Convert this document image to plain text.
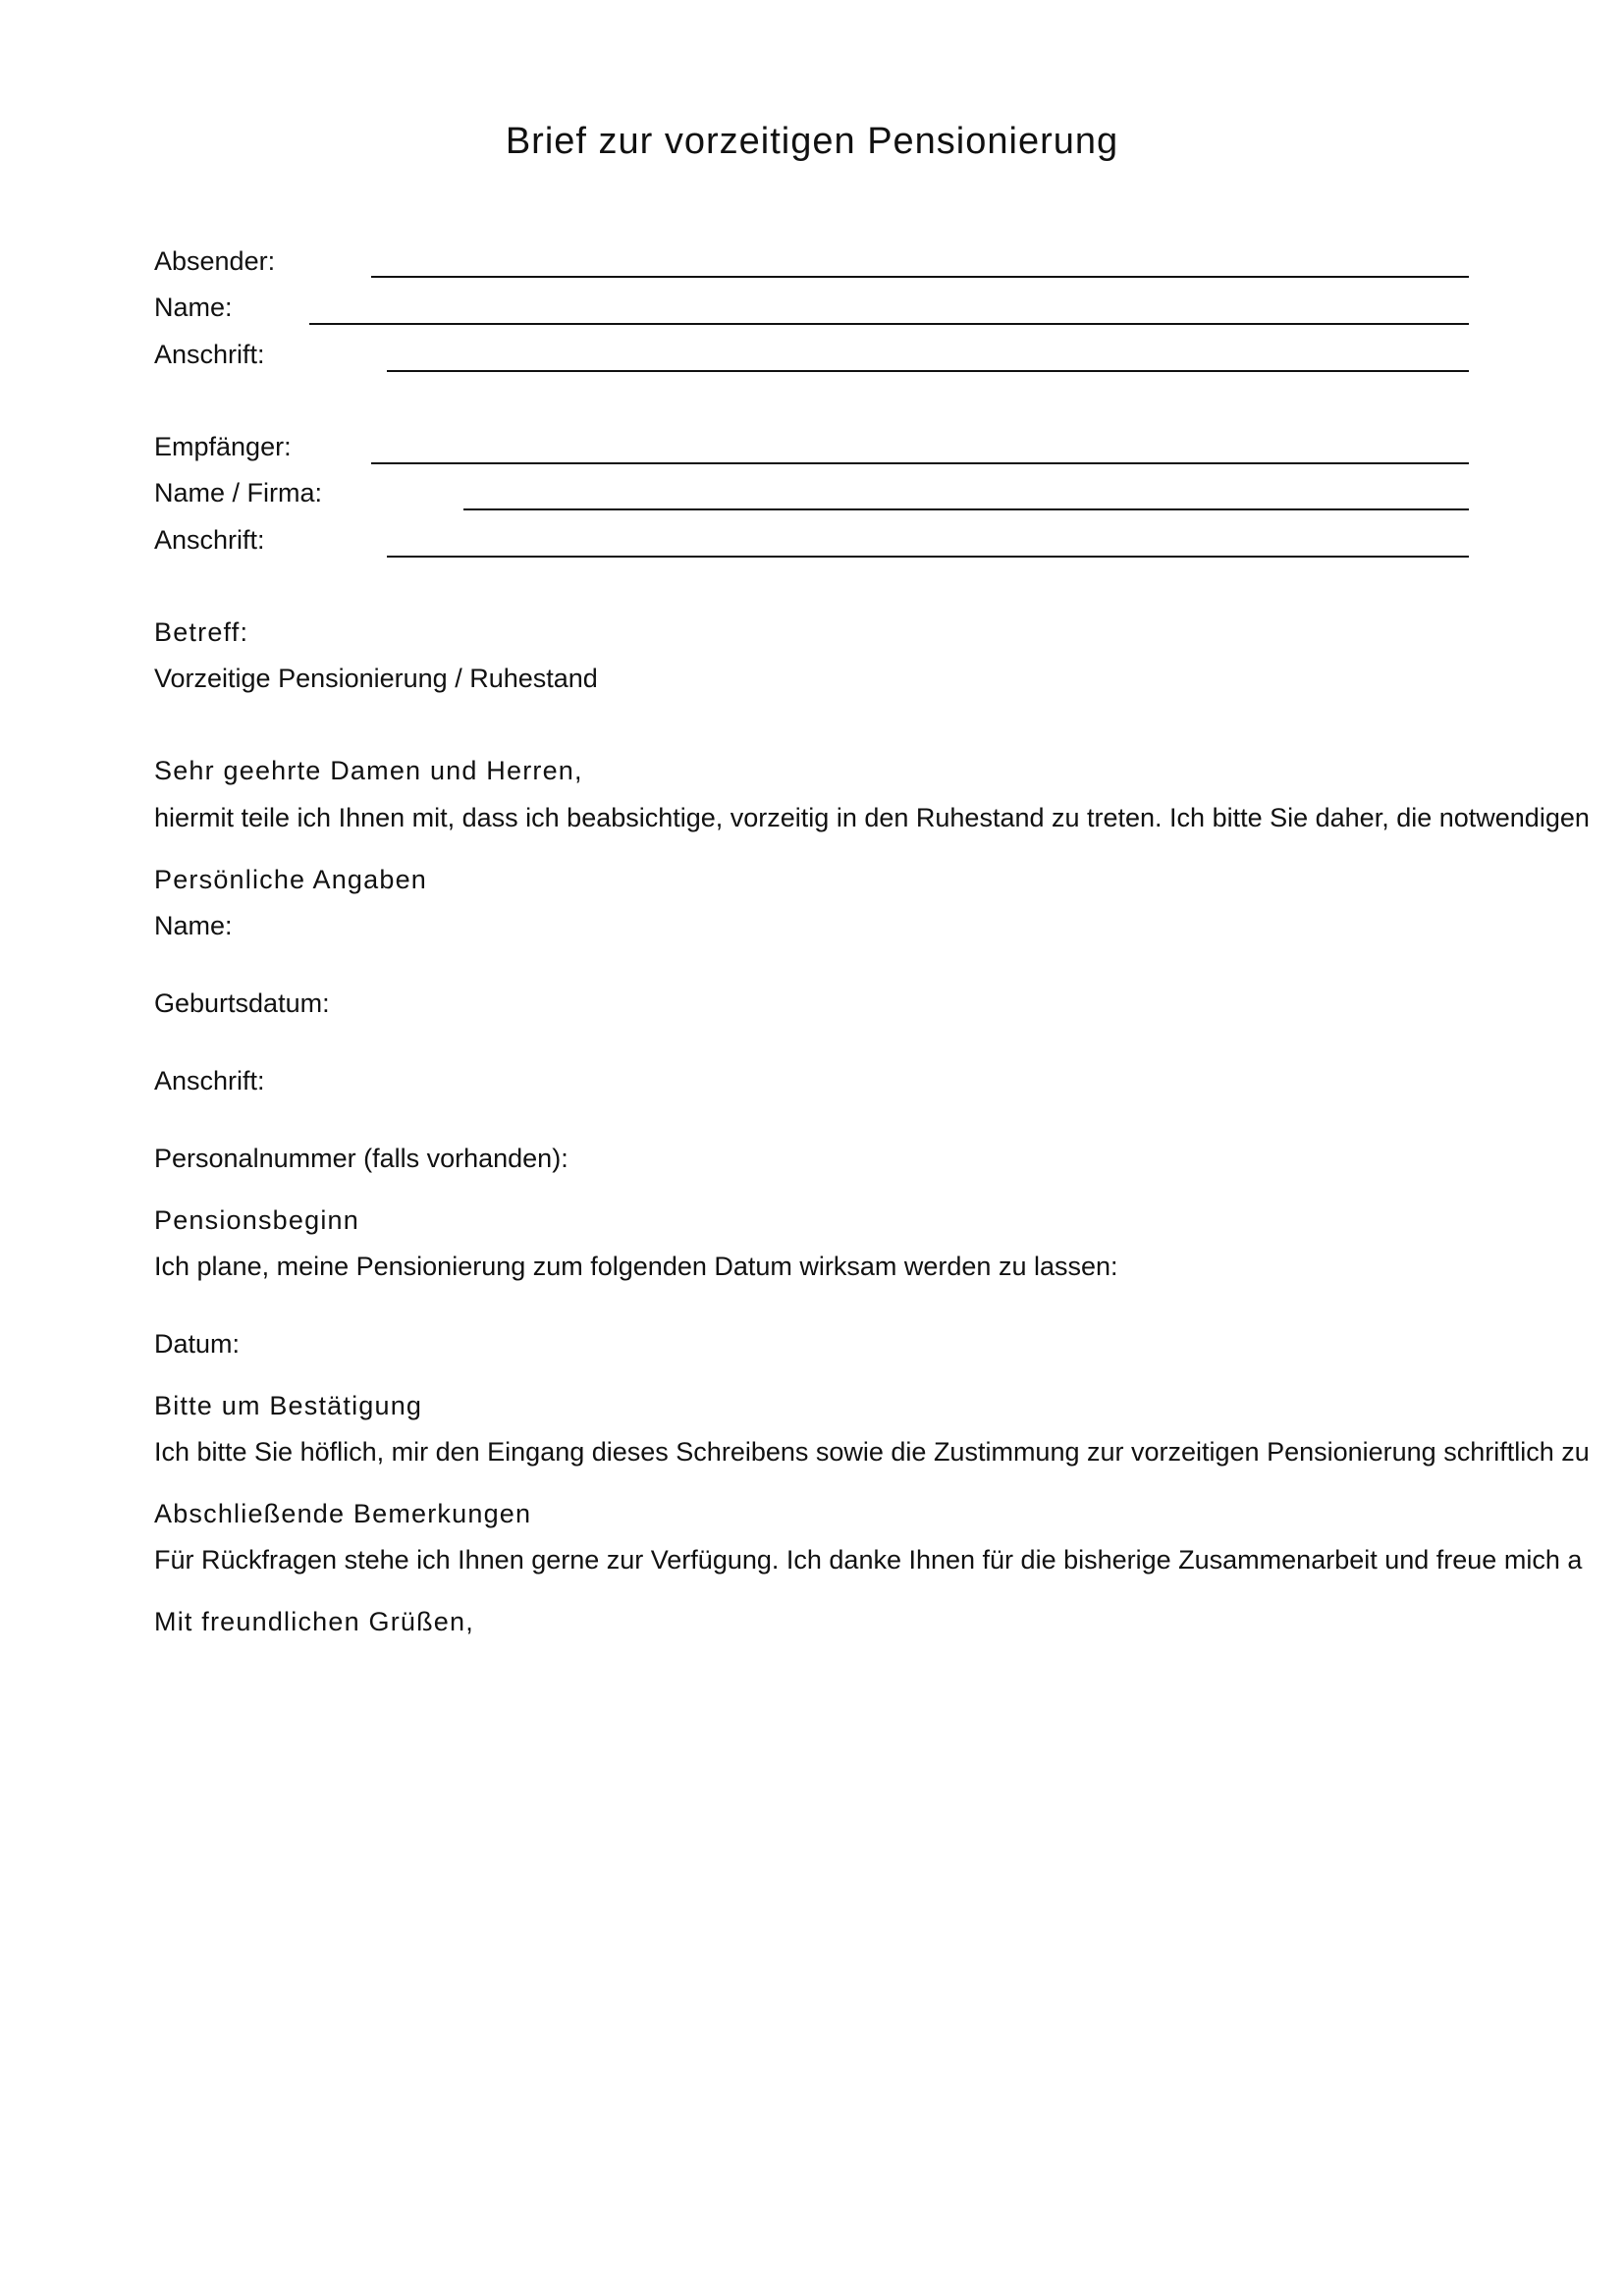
Brief zur vorzeitigen Pensionierung
Absender:
Name:
Anschrift:
Empfänger:
Name / Firma:
Anschrift:
Betreff:
Vorzeitige Pensionierung / Ruhestand
Sehr geehrte Damen und Herren,
hiermit teile ich Ihnen mit, dass ich beabsichtige, vorzeitig in den Ruhestand zu treten. Ich bitte Sie daher, die notwendigen
Persönliche Angaben
Name:
Geburtsdatum:
Anschrift:
Personalnummer (falls vorhanden):
Pensionsbeginn
Ich plane, meine Pensionierung zum folgenden Datum wirksam werden zu lassen:
Datum:
Bitte um Bestätigung
Ich bitte Sie höflich, mir den Eingang dieses Schreibens sowie die Zustimmung zur vorzeitigen Pensionierung schriftlich zu
Abschließende Bemerkungen
Für Rückfragen stehe ich Ihnen gerne zur Verfügung. Ich danke Ihnen für die bisherige Zusammenarbeit und freue mich a
Mit freundlichen Grüßen,
